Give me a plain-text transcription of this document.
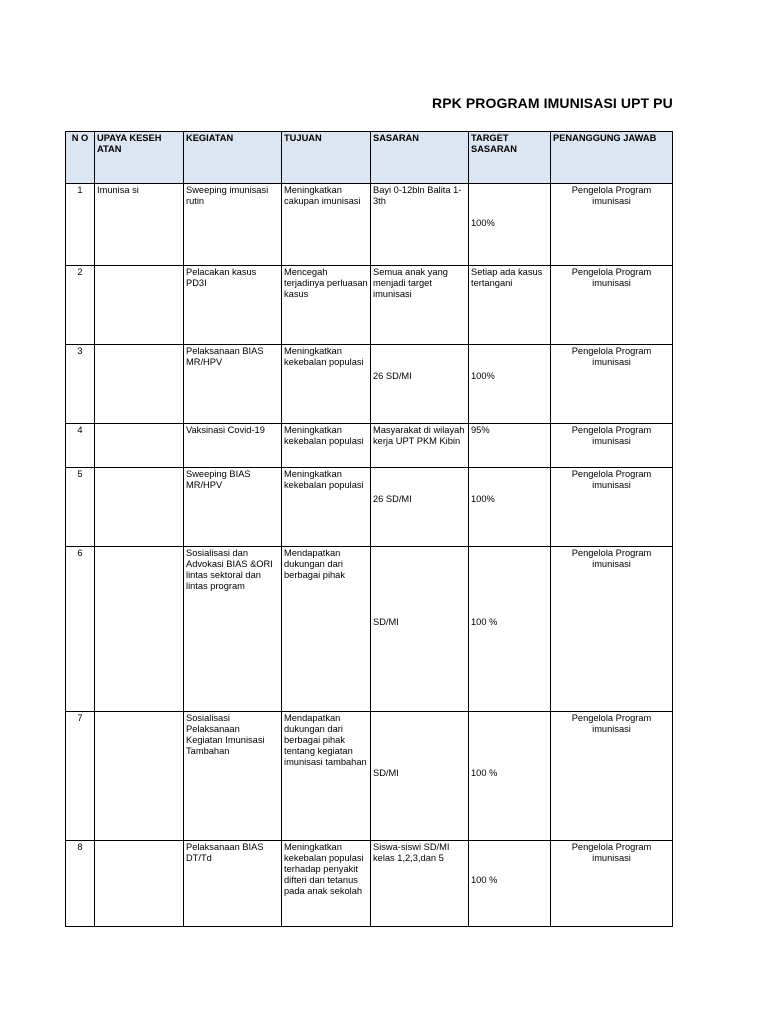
RPK PROGRAM IMUNISASI UPT PU
N O	UPAYA KESEH ATAN	KEGIATAN	TUJUAN	SASARAN	TARGET SASARAN	PENANGGUNG JAWAB
1	Imunisa si	Sweeping imunisasi rutin	Meningkatkan cakupan imunisasi	Bayi 0-12bln Balita 1-3th	100%	Pengelola Program imunisasi
2		Pelacakan kasus PD3I	Mencegah terjadinya perluasan kasus	Semua anak yang menjadi target imunisasi	Setiap ada kasus tertangani	Pengelola Program imunisasi
3		Pelaksanaan BIAS MR/HPV	Meningkatkan kekebalan populasi	26 SD/MI	100%	Pengelola Program imunisasi
4		Vaksinasi Covid-19	Meningkatkan kekebalan populasi	Masyarakat di wilayah kerja UPT PKM Kibin	95%	Pengelola Program imunisasi
5		Sweeping BIAS MR/HPV	Meningkatkan kekebalan populasi	26 SD/MI	100%	Pengelola Program imunisasi
6		Sosialisasi dan Advokasi BIAS &ORI lintas sektoral dan lintas program	Mendapatkan dukungan dari berbagai pihak	SD/MI	100 %	Pengelola Program imunisasi
7		Sosialisasi Pelaksanaan Kegiatan Imunisasi Tambahan	Mendapatkan dukungan dari berbagai pihak tentang kegiatan imunisasi tambahan	SD/MI	100 %	Pengelola Program imunisasi
8		Pelaksanaan BIAS DT/Td	Meningkatkan kekebalan populasi terhadap penyakit difteri dan tetanus pada anak sekolah	Siswa-siswi SD/MI kelas 1,2,3,dan 5	100 %	Pengelola Program imunisasi
